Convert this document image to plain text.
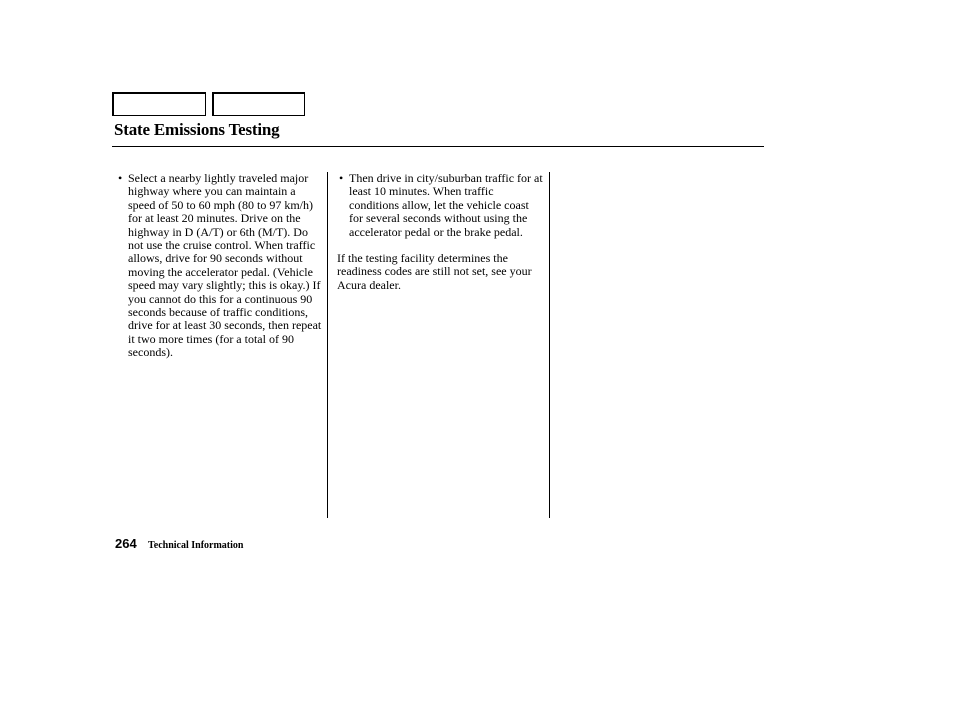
State Emissions Testing
• Select a nearby lightly traveled major highway where you can maintain a speed of 50 to 60 mph (80 to 97 km/h) for at least 20 minutes. Drive on the highway in D (A/T) or 6th (M/T). Do not use the cruise control. When traffic allows, drive for 90 seconds without moving the accelerator pedal. (Vehicle speed may vary slightly; this is okay.) If you cannot do this for a continuous 90 seconds because of traffic conditions, drive for at least 30 seconds, then repeat it two more times (for a total of 90 seconds).
• Then drive in city/suburban traffic for at least 10 minutes. When traffic conditions allow, let the vehicle coast for several seconds without using the accelerator pedal or the brake pedal.
If the testing facility determines the readiness codes are still not set, see your Acura dealer.
264 Technical Information
